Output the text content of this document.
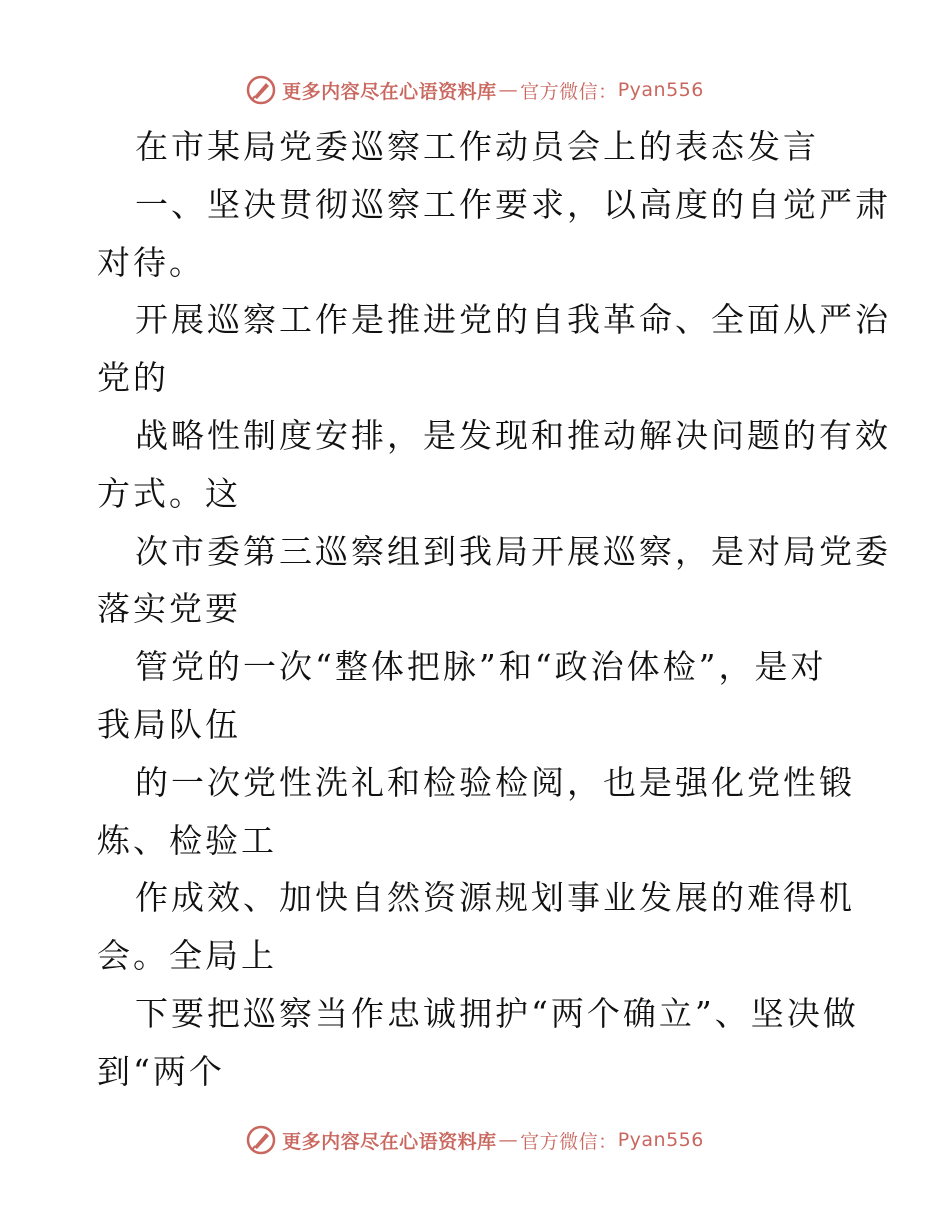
更多内容尽在心语资料库 — 官方微信： Pyan556
在市某局党委巡察工作动员会上的表态发言
一、坚决贯彻巡察工作要求，以高度的自觉严肃
对待。
开展巡察工作是推进党的自我革命、全面从严治
党的
战略性制度安排，是发现和推动解决问题的有效
方式。这
次市委第三巡察组到我局开展巡察，是对局党委
落实党要
管党的一次“整体把脉”和“政治体检”，是对
我局队伍
的一次党性洗礼和检验检阅，也是强化党性锻
炼、检验工
作成效、加快自然资源规划事业发展的难得机
会。全局上
下要把巡察当作忠诚拥护“两个确立”、坚决做
到“两个
更多内容尽在心语资料库 — 官方微信： Pyan556
